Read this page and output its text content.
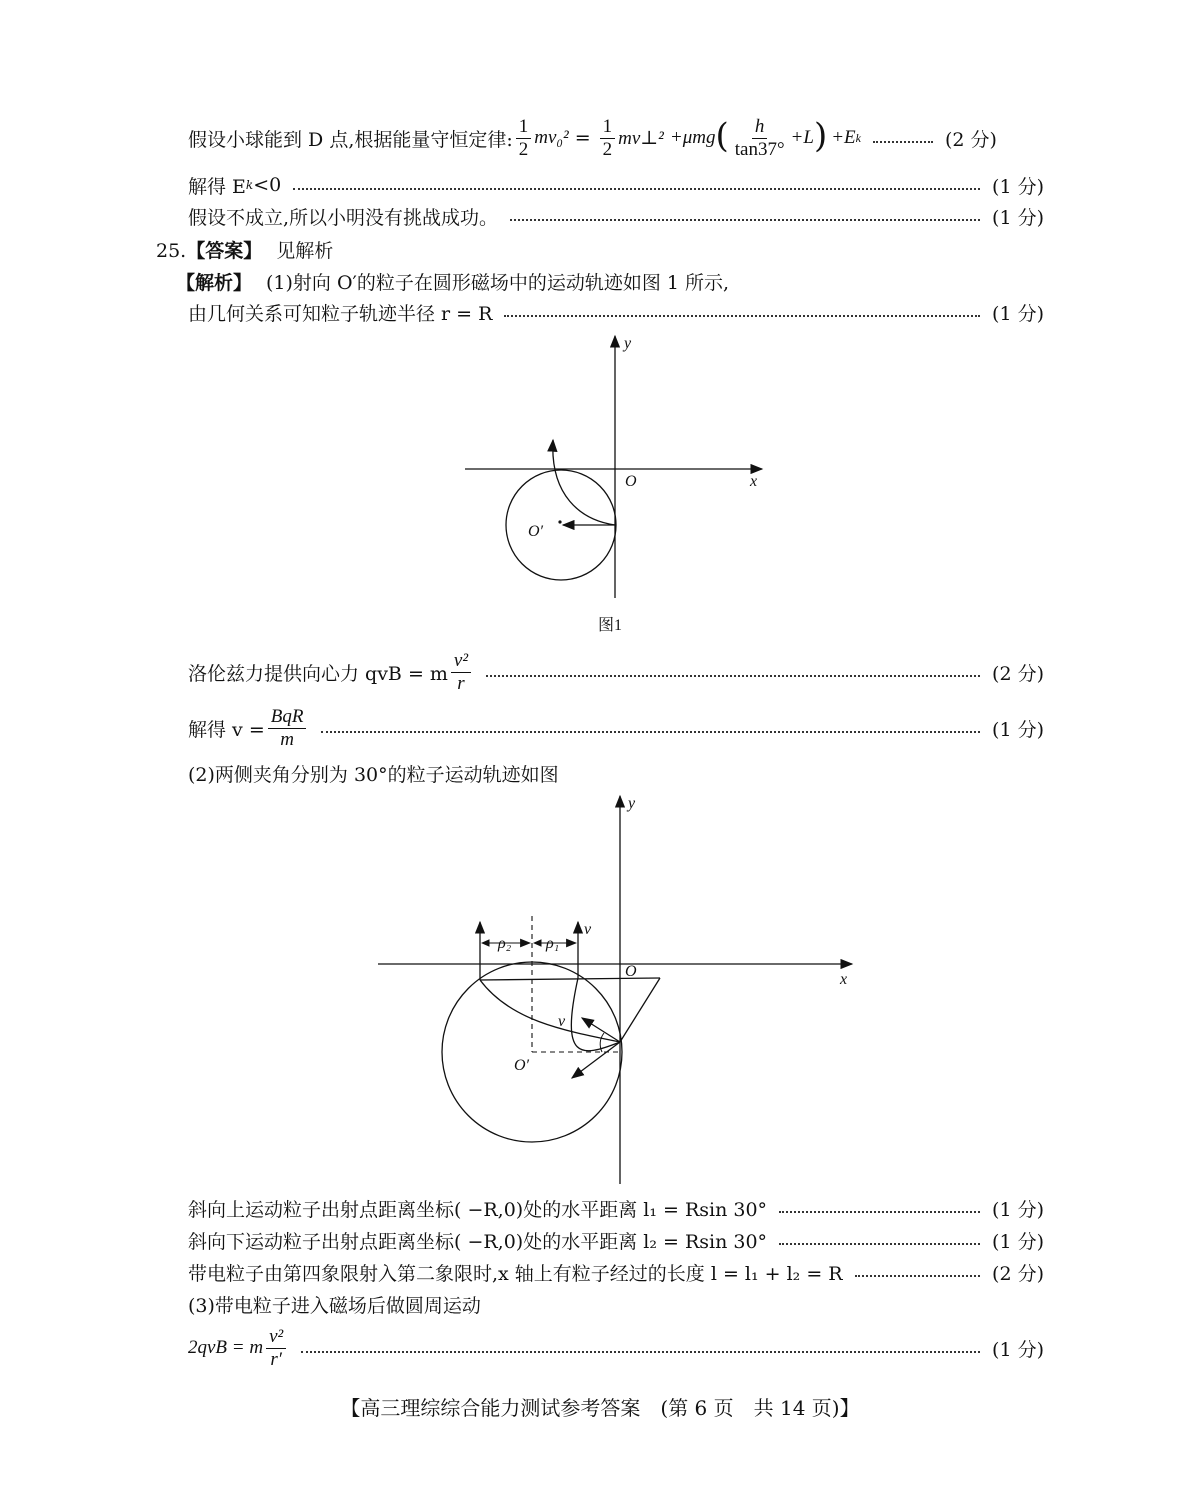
假设小球能到 D 点,根据能量守恒定律: $\frac{1}{2} mv_0^2 = \frac{1}{2}$ mv⊥² +μmg ( $\frac{h}{\tan 37^\circ} +L$ ) +E k	(2 分)
解得 E k <0	(1 分)
假设不成立,所以小明没有挑战成功。	(1 分)
25.【答案】 见解析
【解析】 (1)射向 O′的粒子在圆形磁场中的运动轨迹如图 1 所示,
由几何关系可知粒子轨迹半径 r = R	(1 分)
O	x
y
O′
图1
洛伦兹力提供向心力 qvB = m $\frac{\text{v²}}{r}$	(2 分)
解得 $v = \frac{\text{BqR}}{m}$	(1 分)
(2)两侧夹角分别为 30°的粒子运动轨迹如图
O	x
y
O′
ρ₂ ρ₁
v
v
斜向上运动粒子出射点距离坐标( −R,0)处的水平距离 l₁ = Rsin 30°	(1 分)
斜向下运动粒子出射点距离坐标( −R,0)处的水平距离 l₂ = Rsin 30°	(1 分)
带电粒子由第四象限射入第二象限时,x 轴上有粒子经过的长度 l = l₁ + l₂ = R	(2 分)
(3)带电粒子进入磁场后做圆周运动
2qvB = m $\frac{\text{v²}}{r'}$	(1 分)
【高三理综综合能力测试参考答案　(第 6 页　共 14 页)】
